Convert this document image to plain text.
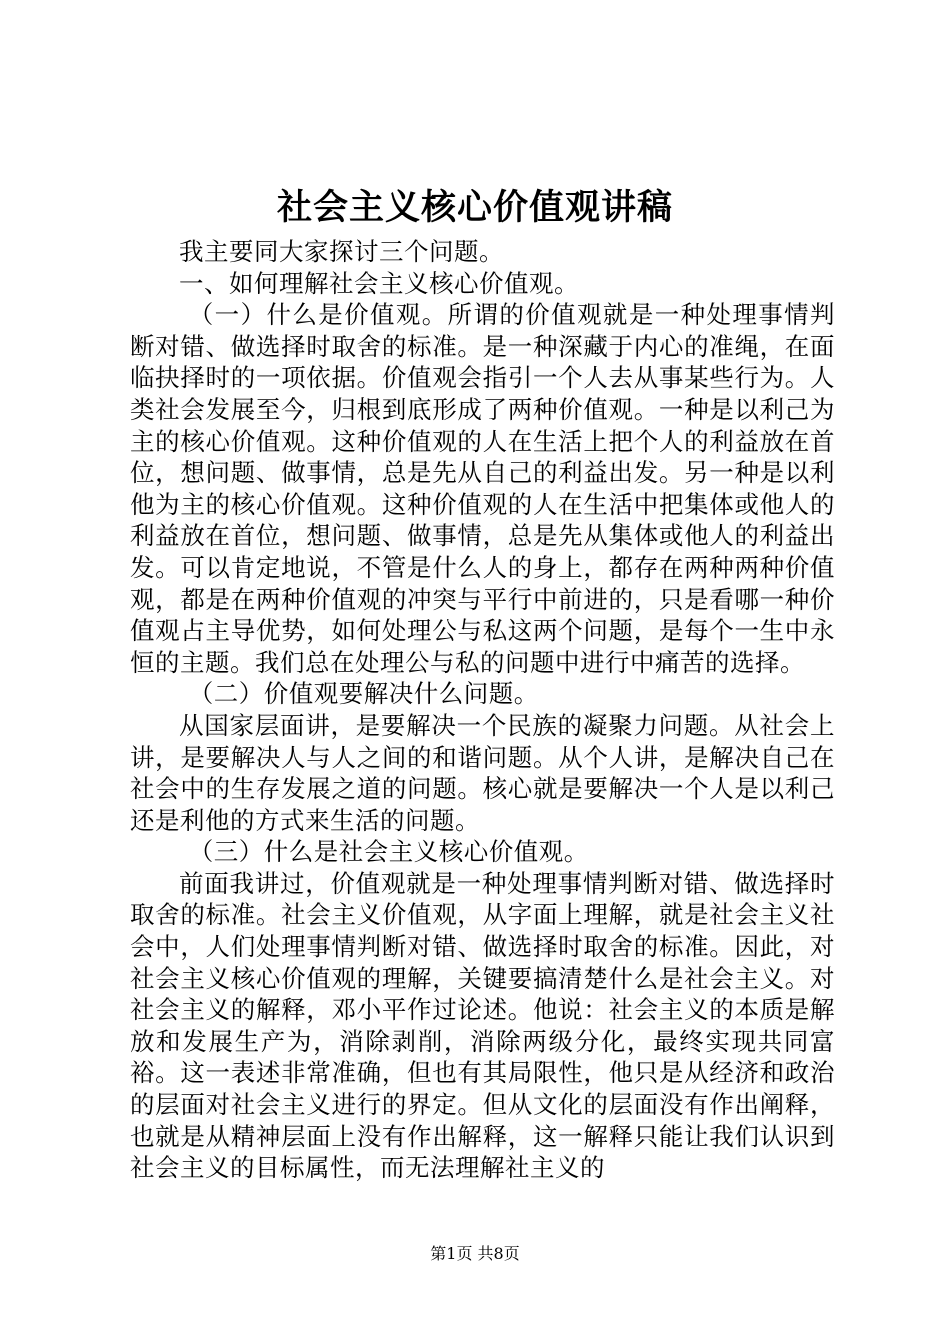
社会主义核心价值观讲稿

我主要同大家探讨三个问题。

一、如何理解社会主义核心价值观。

（一）什么是价值观。所谓的价值观就是一种处理事情判断对错、做选择时取舍的标准。是一种深藏于内心的准绳，在面临抉择时的一项依据。价值观会指引一个人去从事某些行为。人类社会发展至今，归根到底形成了两种价值观。一种是以利己为主的核心价值观。这种价值观的人在生活上把个人的利益放在首位，想问题、做事情，总是先从自己的利益出发。另一种是以利他为主的核心价值观。这种价值观的人在生活中把集体或他人的利益放在首位，想问题、做事情，总是先从集体或他人的利益出发。可以肯定地说，不管是什么人的身上，都存在两种两种价值观，都是在两种价值观的冲突与平行中前进的，只是看哪一种价值观占主导优势，如何处理公与私这两个问题，是每个一生中永恒的主题。我们总在处理公与私的问题中进行中痛苦的选择。

（二）价值观要解决什么问题。

从国家层面讲，是要解决一个民族的凝聚力问题。从社会上讲，是要解决人与人之间的和谐问题。从个人讲，是解决自己在社会中的生存发展之道的问题。核心就是要解决一个人是以利己还是利他的方式来生活的问题。

（三）什么是社会主义核心价值观。

前面我讲过，价值观就是一种处理事情判断对错、做选择时取舍的标准。社会主义价值观，从字面上理解，就是社会主义社会中，人们处理事情判断对错、做选择时取舍的标准。因此，对社会主义核心价值观的理解，关键要搞清楚什么是社会主义。对社会主义的解释，邓小平作过论述。他说：社会主义的本质是解放和发展生产为，消除剥削，消除两级分化，最终实现共同富裕。这一表述非常准确，但也有其局限性，他只是从经济和政治的层面对社会主义进行的界定。但从文化的层面没有作出阐释，也就是从精神层面上没有作出解释，这一解释只能让我们认识到社会主义的目标属性，而无法理解社主义的

第1页 共8页
